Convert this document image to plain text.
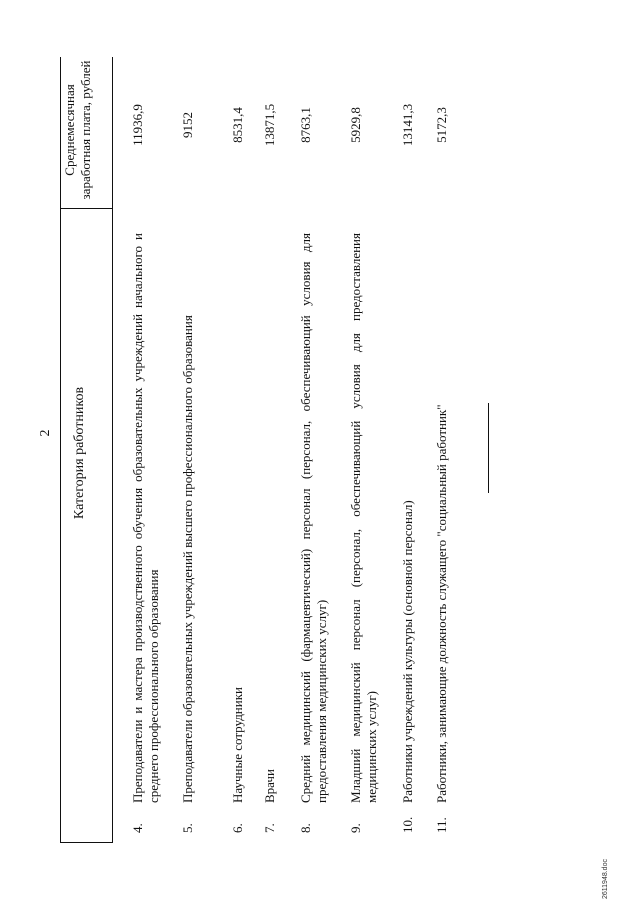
2 Категория работников
Среднемесячная заработная плата, рублей
4.
Преподаватели и мастера производственного обучения образовательных учреждений начального и среднего профессионального образования
11936,9
5.
Преподаватели образовательных учреждений высшего профессионального образования
9152
6.
Научные сотрудники
8531,4
7.
Врачи
13871,5
8.
Средний медицинский (фармацевтический) персонал (персонал, обеспечивающий условия для предоставления медицинских услуг)
8763,1
9.
Младший медицинский персонал (персонал, обеспечивающий условия для предоставления медицинских услуг)
5929,8
10.
Работники учреждений культуры (основной персонал)
13141,3
11.
Работники, занимающие должность служащего "социальный работник"
5172,3
2611948.doc
